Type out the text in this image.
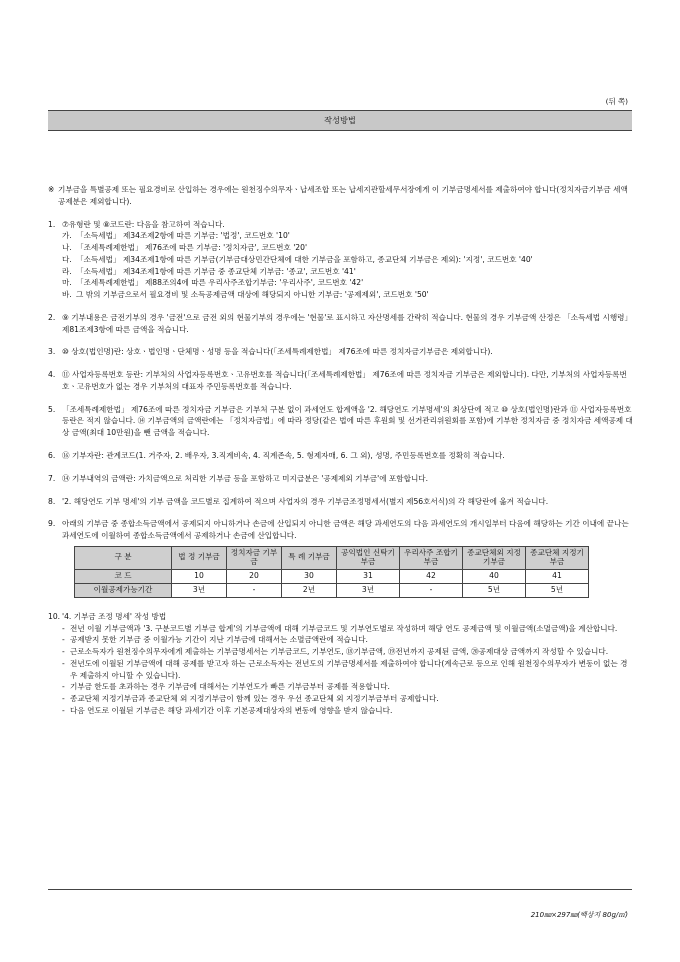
(뒤 쪽)
작성방법
※ 기부금을 특별공제 또는 필요경비로 산입하는 경우에는 원천징수의무자ㆍ납세조합 또는 납세지관할세무서장에게 이 기부금명세서를 제출하여야 합니다(정치자금기부금 세액공제분은 제외합니다).
1. ⑦유형란 및 ⑧코드란: 다음을 참고하여 적습니다.
가. 「소득세법」 제34조제2항에 따른 기부금: '법정', 코드번호 '10'
나. 「조세특례제한법」 제76조에 따른 기부금: '정치자금', 코드번호 '20'
다. 「소득세법」 제34조제1항에 따른 기부금(기부금대상민간단체에 대한 기부금을 포함하고, 종교단체 기부금은 제외): '지정', 코드번호 '40'
라. 「소득세법」 제34조제1항에 따른 기부금 중 종교단체 기부금: '종교', 코드번호 '41'
마. 「조세특례제한법」 제88조의4에 따른 우리사주조합기부금: '우리사주', 코드번호 '42'
바. 그 밖의 기부금으로서 필요경비 및 소득공제금액 대상에 해당되지 아니한 기부금: '공제제외', 코드번호 '50'
2. ⑨ 기부내용은 금전기부의 경우 '금전'으로 금전 외의 현물기부의 경우에는 '현물'로 표시하고 자산명세를 간략히 적습니다. 현물의 경우 기부금액 산정은 「소득세법 시행령」 제81조제3항에 따른 금액을 적습니다.
3. ⑩ 상호(법인명)란: 상호ㆍ법인명ㆍ단체명ㆍ성명 등을 적습니다(「조세특례제한법」 제76조에 따른 정치자금기부금은 제외합니다).
4. ⑪ 사업자등록번호 등란: 기부처의 사업자등록번호ㆍ고유번호를 적습니다(「조세특례제한법」 제76조에 따른 정치자금 기부금은 제외합니다). 다만, 기부처의 사업자등록번호ㆍ고유번호가 없는 경우 기부처의 대표자 주민등록번호를 적습니다.
5. 「조세특례제한법」 제76조에 따른 정치자금 기부금은 기부처 구분 없이 과세연도 합계액을 '2. 해당연도 기부명세'의 최상단에 적고 ⑩ 상호(법인명)란과 ⑪ 사업자등록번호 등란은 적지 않습니다. ⑭ 기부금액의 금액란에는 「정치자금법」에 따라 정당(같은 법에 따른 후원회 및 선거관리위원회를 포함)에 기부한 정치자금 중 정치자금 세액공제 대상 금액(최대 10만원)을 뺀 금액을 적습니다.
6. ⑯ 기부자란: 관계코드(1. 거주자, 2. 배우자, 3.직계비속, 4. 직계존속, 5. 형제자매, 6. 그 외), 성명, 주민등록번호를 정확히 적습니다.
7. ⑭ 기부내역의 금액란: 가치금액으로 처리한 기부금 등을 포함하고 미지급분은 '공제제외 기부금'에 포함합니다.
8. '2. 해당연도 기부 명세'의 기부 금액을 코드별로 집계하여 적으며 사업자의 경우 기부금조정명세서(별지 제56호서식)의 각 해당란에 옮겨 적습니다.
9. 아래의 기부금 중 종합소득금액에서 공제되지 아니하거나 손금에 산입되지 아니한 금액은 해당 과세연도의 다음 과세연도의 개시일부터 다음에 해당하는 기간 이내에 끝나는 과세연도에 이월하여 종합소득금액에서 공제하거나 손금에 산입합니다.
구 분	법 정 기부금	정치자금 기부금	특 례 기부금	공익법인 신탁기부금	우리사주 조합기부금	종교단체외 지정기부금	종교단체 지정기부금
코 드	10	20	30	31	42	40	41
이월공제가능기간	3년	-	2년	3년	-	5년	5년
10. '4. 기부금 조정 명세' 작성 방법
- 전년 이월 기부금액과 '3. 구분코드별 기부금 합계'의 기부금액에 대해 기부금코드 및 기부연도별로 작성하며 해당 연도 공제금액 및 이월금액(소멸금액)을 계산합니다.
- 공제받지 못한 기부금 중 이월가능 기간이 지난 기부금에 대해서는 소멸금액란에 적습니다.
- 근로소득자가 원천징수의무자에게 제출하는 기부금명세서는 기부금코드, 기부연도, ⑱기부금액, ⑲전년까지 공제된 금액, ⑳공제대상 금액까지 작성할 수 있습니다.
- 전년도에 이월된 기부금액에 대해 공제를 받고자 하는 근로소득자는 전년도의 기부금명세서를 제출하여야 합니다(계속근로 등으로 인해 원천징수의무자가 변동이 없는 경우 제출하지 아니할 수 있습니다).
- 기부금 한도를 초과하는 경우 기부금에 대해서는 기부연도가 빠른 기부금부터 공제를 적용합니다.
- 종교단체 지정기부금과 종교단체 외 지정기부금이 함께 있는 경우 우선 종교단체 외 지정기부금부터 공제합니다.
- 다음 연도로 이월된 기부금은 해당 과세기간 이후 기본공제대상자의 변동에 영향을 받지 않습니다.
210㎜×297㎜(백상지 80g/㎡)
